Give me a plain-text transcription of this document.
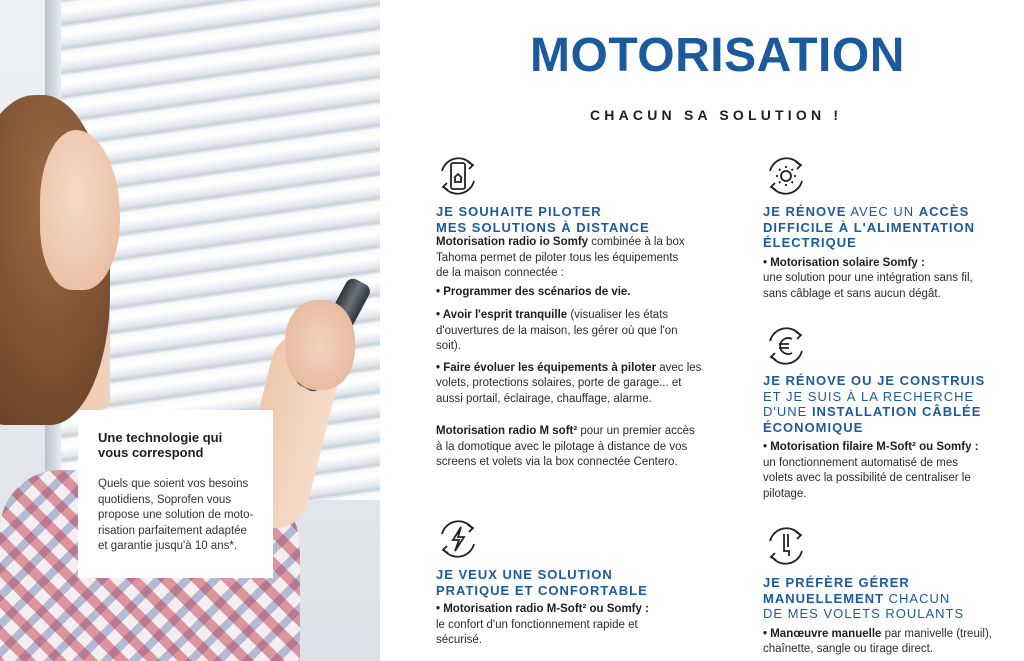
Une technologie qui vous correspond
Quels que soient vos besoins quotidiens, Soprofen vous propose une solution de moto-risation parfaitement adaptée et garantie jusqu'à 10 ans*.
MOTORISATION
CHACUN SA SOLUTION !
JE SOUHAITE PILOTER
MES SOLUTIONS À DISTANCE
Motorisation radio io Somfy combinée à la box Tahoma permet de piloter tous les équipements de la maison connectée :
• Programmer des scénarios de vie.
• Avoir l'esprit tranquille (visualiser les états d'ouvertures de la maison, les gérer où que l'on soit).
• Faire évoluer les équipements à piloter avec les volets, protections solaires, porte de garage... et aussi portail, éclairage, chauffage, alarme.
Motorisation radio M soft² pour un premier accès à la domotique avec le pilotage à distance de vos screens et volets via la box connectée Centero.
JE VEUX UNE SOLUTION
PRATIQUE ET CONFORTABLE
• Motorisation radio M-Soft² ou Somfy :
le confort d'un fonctionnement rapide et sécurisé.
JE RÉNOVE AVEC UN ACCÈS
DIFFICILE À L'ALIMENTATION
ÉLECTRIQUE
• Motorisation solaire Somfy :
une solution pour une intégration sans fil, sans câblage et sans aucun dégât.
JE RÉNOVE OU JE CONSTRUIS
ET JE SUIS À LA RECHERCHE
D'UNE INSTALLATION CÂBLÉE
ÉCONOMIQUE
• Motorisation filaire M-Soft² ou Somfy :
un fonctionnement automatisé de mes volets avec la possibilité de centraliser le pilotage.
JE PRÉFÈRE GÉRER
MANUELLEMENT CHACUN
DE MES VOLETS ROULANTS
• Manœuvre manuelle par manivelle (treuil), chaînette, sangle ou tirage direct.
